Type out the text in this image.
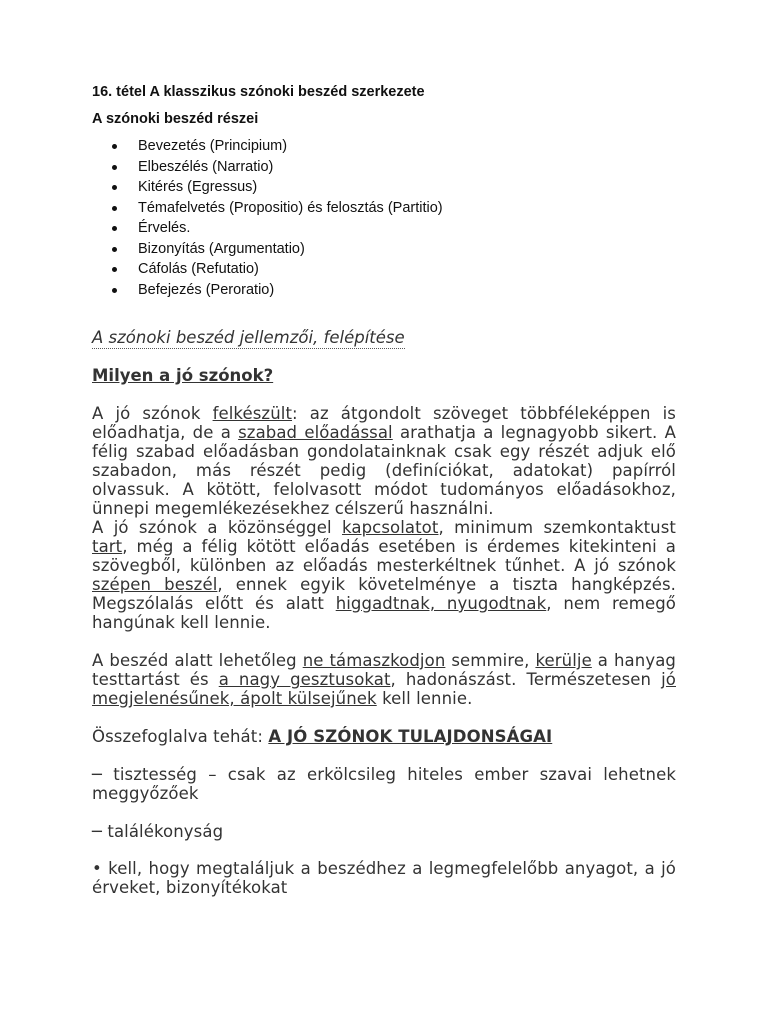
16. tétel A klasszikus szónoki beszéd szerkezete
A szónoki beszéd részei
Bevezetés (Principium)
Elbeszélés (Narratio)
Kitérés (Egressus)
Témafelvetés (Propositio) és felosztás (Partitio)
Érvelés.
Bizonyítás (Argumentatio)
Cáfolás (Refutatio)
Befejezés (Peroratio)
A szónoki beszéd jellemzői, felépítése
Milyen a jó szónok?

A jó szónok felkészült: az átgondolt szöveget többféleképpen is előadhatja, de a szabad előadással arathatja a legnagyobb sikert. A félig szabad előadásban gondolatainknak csak egy részét adjuk elő szabadon, más részét pedig (definíciókat, adatokat) papírról olvassuk. A kötött, felolvasott módot tudományos előadásokhoz, ünnepi megemlékezésekhez célszerű használni.

A jó szónok a közönséggel kapcsolatot, minimum szemkontaktust tart, még a félig kötött előadás esetében is érdemes kitekinteni a szövegből, különben az előadás mesterkéltnek tűnhet. A jó szónok szépen beszél, ennek egyik követelménye a tiszta hangképzés. Megszólalás előtt és alatt higgadtnak, nyugodtnak, nem remegő hangúnak kell lennie.

A beszéd alatt lehetőleg ne támaszkodjon semmire, kerülje a hanyag testtartást és a nagy gesztusokat, hadonászást. Természetesen jó megjelenésűnek, ápolt külsejűnek kell lennie.

Összefoglalva tehát: A JÓ SZÓNOK TULAJDONSÁGAI

─ tisztesség – csak az erkölcsileg hiteles ember szavai lehetnek meggyőzőek
─ találékonyság
• kell, hogy megtaláljuk a beszédhez a legmegfelelőbb anyagot, a jó érveket, bizonyítékokat
